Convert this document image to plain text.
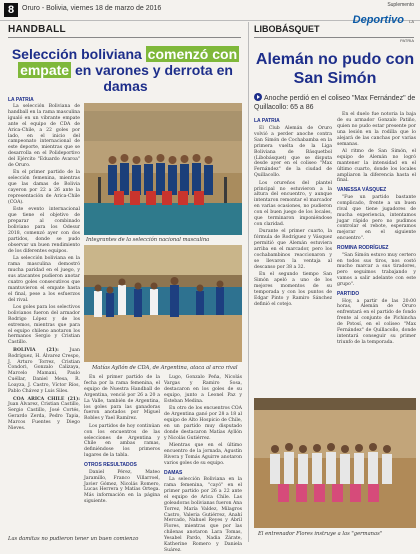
8	Oruro - Bolivia, viernes 18 de marzo de 2016	Suplemento
Deportivo LA PATRIA
HANDBALL
Selección boliviana comenzó con
empate en varones y derrota en damas
LA PATRIA

La selección Boliviana de handball en la rama masculina igualó en un vibrante empate ante el equipo de CDA de Arica-Chile, a 22 goles por lado, en el inicio del campeonato internacional de este deporte, mientras que se desarrolla en el Polideportivo del Ejército "Eduardo Avaroa" de Oruro.

En el primer partido de la selección femenina, mientras que las damas de Bolivia cayeron por 22 a 26 ante la representación de Arica-Chile (COA).

Este evento internacional que tiene el objetivo de preparar al combinado boliviano para los Odesur 2018, comenzó ayer con dos partidos, donde se pudo observar un buen rendimiento de los diferentes equipos.

La selección boliviana en la rama masculina demostró mucha paridad en el juego, y sus atacantes pudieron anotar cuatro goles consecutivos que mantuvieron el empate hasta el final, pese a los esfuerzos del rival.

Los goles para los selectivos bolivianos fueron del armador Rodrigo López y de los extremos, mientras que para el equipo chileno anotaron los hermanos Sergio y Cristian Castillo.

BOLIVIA (21): Juan Rodríguez, H. Álvarez Crespo, J. Arturo Torrez, Cristian Condori, Gonzalo Calizaya, Marcelo Mamani, Paulo Cuéllar, Daniel Mesa, R. Loayza, J. Castro, Víctor Ríos, Pablo Chávez y Luis Siles.

COA ARICA CHILE (21): Juan Álvarez, Cristian Castillo, Sergio Castillo, José Cortés, Gerardo Zerda, Pedro Tapia, Marcos Fuentes y Diego Nieves.

Integrantes de la selección nacional masculina
Matías Ayllón de CDA, de Argentina, ataca al arco rival

En el primer partido de la fecha por la rama femenina, el equipo de Nuestra Handball de Argentina, venció por 26 a 20 a La Valle, también de Argentina, los goles para las ganadoras fueron anotados por Miguel Robles y Yael Ramírez.

Los partidos de hoy continúan con los encuentros de las selecciones de Argentina y Chile en ambas ramas, definiéndose los primeros lugares de la tabla.

OTROS RESULTADOS

Daniel Pérez, Mateo Jaramillo, Franco Villarroel, Javier Gómez, Nicolás Romero, Lucas Herrera y Matías Ortega. Más información en la página siguiente.

Lugo, Gonzalo Peña, Nicolás Vargas y Ramiro Sosa, destacaron en los goles de su equipo, junto a Leonel Paz y Esteban Medina.

En otro de los encuentros COA de Argentina ganó por 28 a 18 al equipo de Alto Hospicio de Chile, en un partido muy disputado donde destacaron Matías Ayllón y Nicolás Gutiérrez.

Mientras que en el último encuentro de la jornada, Agustín Rivera y Tomás Aguirre anotaron varios goles de su equipo.

DAMAS

La selección Boliviana en la rama femenina, "cayó" en el primer partido por 26 a 22 ante el equipo de Arica Chile. Las goleadoras bolivianas fueron Ana Torrez, María Valdez, Milagros Castro, Valeria Gutiérrez, Anahí Mercado, Nahuel Reyes y Abril Flores, mientras que por las chilenas anotaron Lara Tomas, Yesabel Pardo, Nadia Zárate, Katherine Romero y Daniela Suárez.

Las damitas no pudieron tener un buen comienzo
LIBOBÁSQUET
Alemán no pudo con San Simón
Anoche perdió en el coliseo "Max Fernández" de Quillacollo: 65 a 86
LA PATRIA

El Club Alemán de Oruro volvió a perder anoche contra San Simón de Cochabamba en la primera vuelta de la Liga Boliviana de Básquetbol (Libobásquet) que se disputa desde ayer en el coliseo "Max Fernández" de la ciudad de Quillacollo.

Los orureños del plantel principal no estuvieron a la altura del encuentro, y aunque intentaron remontar el marcador en varias ocasiones, no pudieron con el buen juego de los locales, que terminaron imponiéndose con claridad.

Durante el primer cuarto, la fórmula de Rodríguez y Vásquez permitió que Alemán estuviera arriba en el marcador, pero los cochabambinos reaccionaron y se llevaron la ventaja al descanso por 38 a 32.

En el segundo tiempo San Simón apeló a uno de los mejores momentos de su temporada y con los puntos de Edgar Pinto y Ramiro Sánchez definió el cotejo.

En el duelo fue notoria la baja de su armador Gonzalo Patiño, quien no pudo estar presente por una lesión en la rodilla que lo alejará de las canchas por varias semanas.

Al ritmo de San Simón, el equipo de Alemán no logró mantener la intensidad en el último cuarto, donde los locales ampliaron la diferencia hasta el final.

VANESSA VÁSQUEZ

"Fue un partido bastante complicado, frente a un buen rival que tiene jugadores de mucha experiencia, intentamos jugar rápido pero no pudimos controlar el rebote, esperamos mejorar en el siguiente encuentro".

ROMINA RODRÍGUEZ

"San Simón estuvo muy certero en todos sus tiros, nos costó mucho marcar a sus tiradores, pero seguimos trabajando y vamos a salir adelante con este grupo".

PARTIDO

Hoy, a partir de las 20:00 horas, Alemán de Oruro enfrentará en el partido de fondo frente al conjunto de Pichincha de Potosí, en el coliseo "Max Fernández" de Quillacollo, donde intentará conseguir su primer triunfo de la temporada.

El entrenador Flores instruye a las "germanas"
